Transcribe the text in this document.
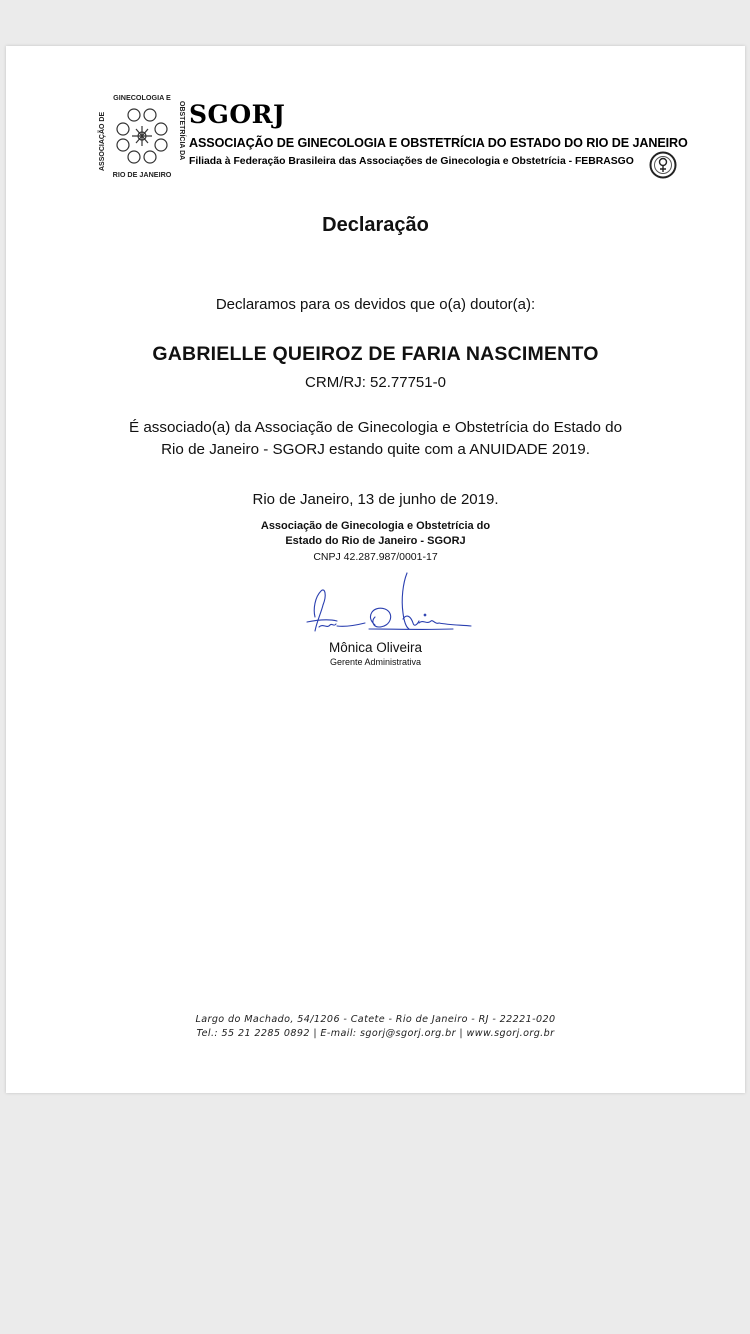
GINECOLOGIA E
RIO DE JANEIRO
ASSOCIAÇÃO DE	OBSTETRÍCIA DA SGORJ
ASSOCIAÇÃO DE GINECOLOGIA E OBSTETRÍCIA DO ESTADO DO RIO DE JANEIRO
Filiada à Federação Brasileira das Associações de Ginecologia e Obstetrícia - FEBRASGO
Declaração
Declaramos para os devidos que o(a) doutor(a):
GABRIELLE QUEIROZ DE FARIA NASCIMENTO
CRM/RJ: 52.77751-0
É associado(a) da Associação de Ginecologia e Obstetrícia do Estado do
Rio de Janeiro - SGORJ estando quite com a ANUIDADE 2019.
Rio de Janeiro, 13 de junho de 2019.
Associação de Ginecologia e Obstetrícia do
Estado do Rio de Janeiro - SGORJ
CNPJ 42.287.987/0001-17
Mônica Oliveira
Gerente Administrativa
Largo do Machado, 54/1206 - Catete - Rio de Janeiro - RJ - 22221-020
Tel.: 55 21 2285 0892 | E-mail: sgorj@sgorj.org.br | www.sgorj.org.br
